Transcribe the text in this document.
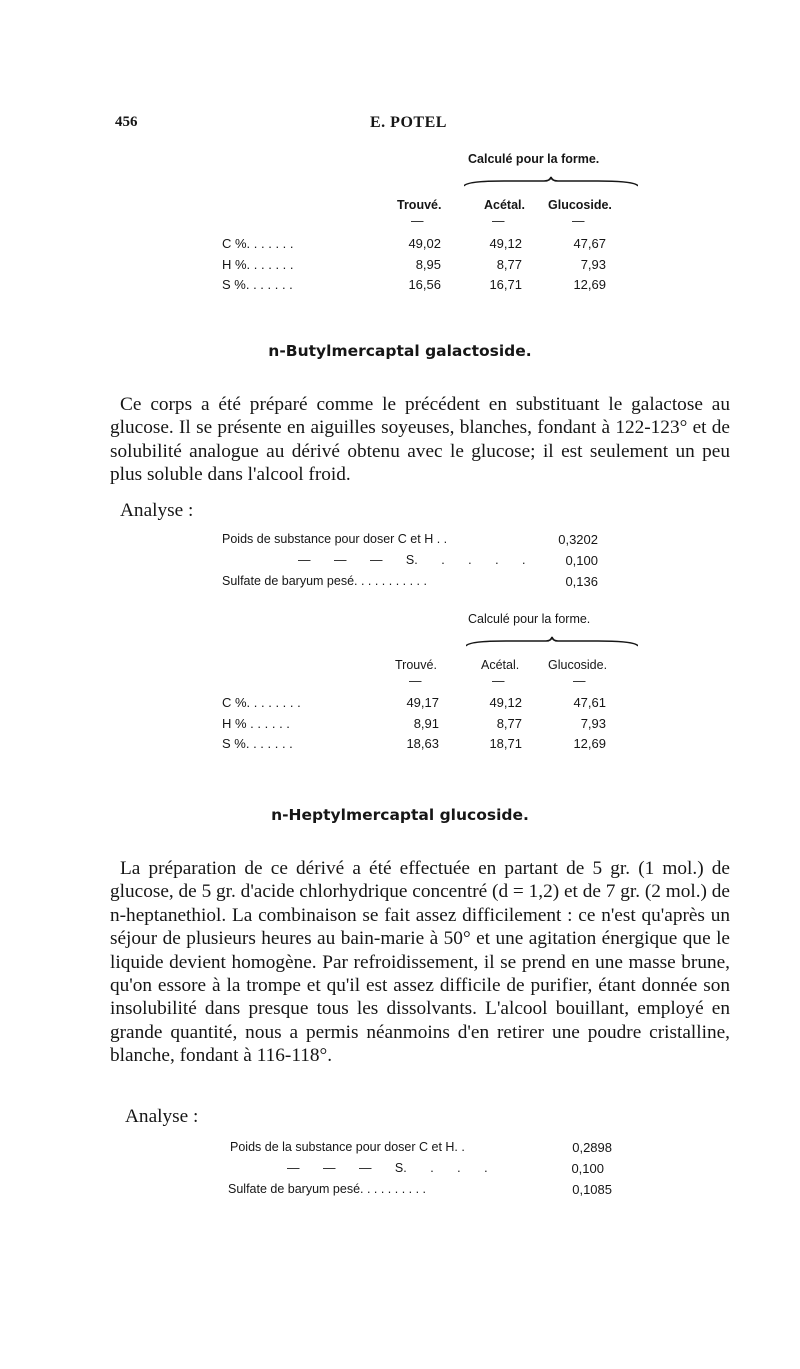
456	E. POTEL
Calculé pour la forme.
Trouvé.	Acétal. Glucoside.
—	—	—
C %. . . . . . .	49,02	49,12	47,67
H %. . . . . . .	8,95	8,77	7,93
S %. . . . . . .	16,56	16,71	12,69
n-Butylmercaptal galactoside.

Ce corps a été préparé comme le précédent en substituant le galactose au glucose. Il se présente en aiguilles soyeuses, blanches, fondant à 122-123° et de solubilité analogue au dérivé obtenu avec le glucose; il est seulement un peu plus soluble dans l'alcool froid.

Analyse :
Poids de substance pour doser C et H . .	0,3202
— — — S. . . . .	0,100
Sulfate de baryum pesé. . . . . . . . . . .	0,136
Calculé pour la forme.
Trouvé.	Acétal. Glucoside.
—	—	—
C %. . . . . . . .	49,17	49,12	47,61
H % . . . . . .	8,91	8,77	7,93
S %. . . . . . .	18,63	18,71	12,69
n-Heptylmercaptal glucoside.

La préparation de ce dérivé a été effectuée en partant de 5 gr. (1 mol.) de glucose, de 5 gr. d'acide chlorhydrique concentré (d = 1,2) et de 7 gr. (2 mol.) de n-heptanethiol. La combinaison se fait assez difficilement : ce n'est qu'après un séjour de plusieurs heures au bain-marie à 50° et une agitation énergique que le liquide devient homogène. Par refroidissement, il se prend en une masse brune, qu'on essore à la trompe et qu'il est assez difficile de purifier, étant donnée son insolubilité dans presque tous les dissolvants. L'alcool bouillant, employé en grande quantité, nous a permis néanmoins d'en retirer une poudre cristalline, blanche, fondant à 116-118°.

Analyse :
Poids de la substance pour doser C et H. .	0,2898
— — — S. . . .	0,100
Sulfate de baryum pesé. . . . . . . . . .	0,1085
